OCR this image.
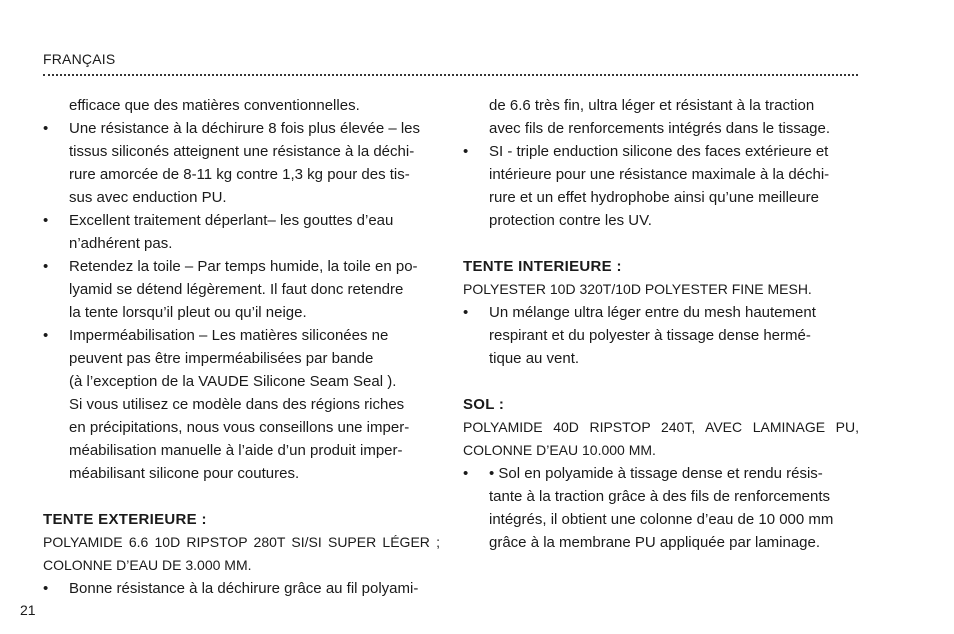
FRANÇAIS
efficace que des matières conventionnelles.
• Une résistance à la déchirure 8 fois plus élevée – les
tissus siliconés atteignent une résistance à la déchi-
rure amorcée de 8-11 kg contre 1,3 kg pour des tis-
sus avec enduction PU.
• Excellent traitement déperlant– les gouttes d’eau
n’adhérent pas.
• Retendez la toile – Par temps humide, la toile en po-
lyamid se détend légèrement. Il faut donc retendre
la tente lorsqu’il pleut ou qu’il neige.
• Imperméabilisation – Les matières siliconées ne
peuvent pas être imperméabilisées par bande
(à l’exception de la VAUDE Silicone Seam Seal ).
Si vous utilisez ce modèle dans des régions riches
en précipitations, nous vous conseillons une imper-
méabilisation manuelle à l’aide d’un produit imper-
méabilisant silicone pour coutures.
TENTE EXTERIEURE :
POLYAMIDE 6.6 10D RIPSTOP 280T SI/SI SUPER LÉGER ;
COLONNE D’EAU DE 3.000 MM.
• Bonne résistance à la déchirure grâce au fil polyami-
de 6.6 très fin, ultra léger et résistant à la traction
avec fils de renforcements intégrés dans le tissage.
• SI - triple enduction silicone des faces extérieure et
intérieure pour une résistance maximale à la déchi-
rure et un effet hydrophobe ainsi qu’une meilleure
protection contre les UV.
TENTE INTERIEURE :
POLYESTER 10D 320T/10D POLYESTER FINE MESH.
• Un mélange ultra léger entre du mesh hautement
respirant et du polyester à tissage dense hermé-
tique au vent.
SOL :
POLYAMIDE 40D RIPSTOP 240T, AVEC LAMINAGE PU,
COLONNE D’EAU 10.000 MM.
• • Sol en polyamide à tissage dense et rendu résis-
tante à la traction grâce à des fils de renforcements
intégrés, il obtient une colonne d’eau de 10 000 mm
grâce à la membrane PU appliquée par laminage.
21
